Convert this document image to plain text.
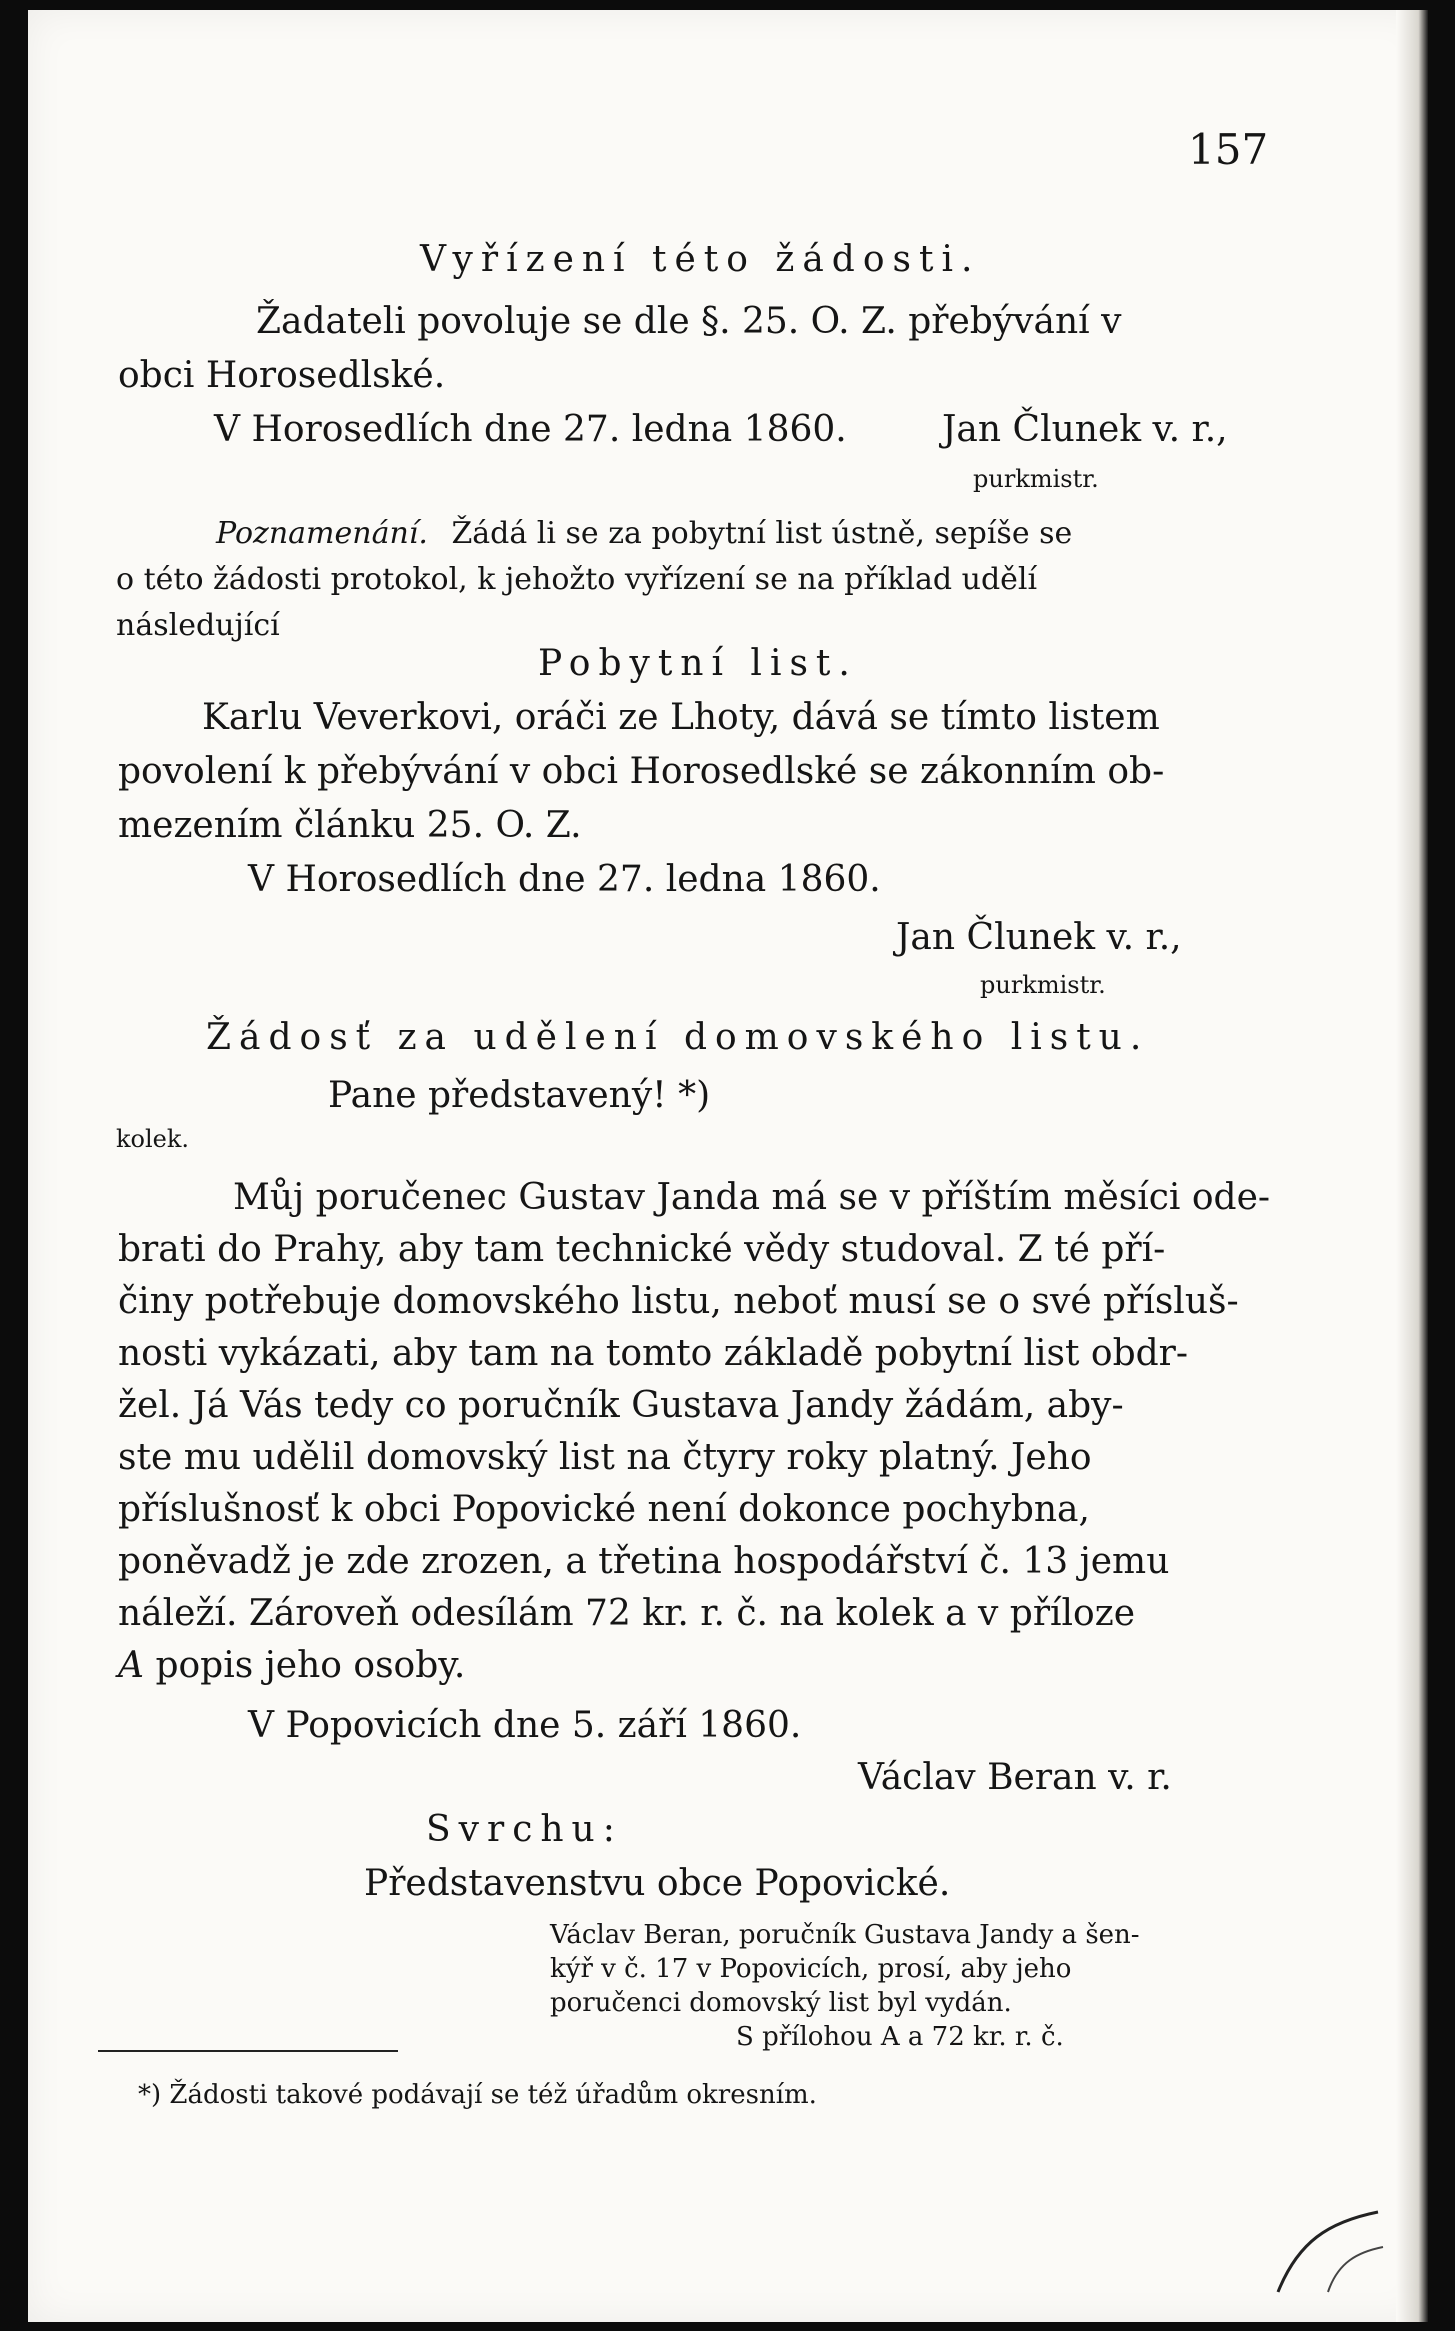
157
Vyřízení této žádosti.
Žadateli povoluje se dle §. 25. O. Z. přebývání v
obci Horosedlské.
V Horosedlích dne 27. ledna 1860.	Jan Člunek v. r.,
purkmistr.
Poznamenání. Žádá li se za pobytní list ústně, sepíše se
o této žádosti protokol, k jehožto vyřízení se na příklad udělí
následující
Pobytní list.
Karlu Veverkovi, oráči ze Lhoty, dává se tímto listem
povolení k přebývání v obci Horosedlské se zákonním ob-
mezením článku 25. O. Z.
V Horosedlích dne 27. ledna 1860.
Jan Člunek v. r.,
purkmistr.
Žádosť za udělení domovského listu.
Pane představený! *)
kolek.
Můj poručenec Gustav Janda má se v příštím měsíci ode-
brati do Prahy, aby tam technické vědy studoval. Z té pří-
činy potřebuje domovského listu, neboť musí se o své přísluš-
nosti vykázati, aby tam na tomto základě pobytní list obdr-
žel. Já Vás tedy co poručník Gustava Jandy žádám, aby-
ste mu udělil domovský list na čtyry roky platný. Jeho
příslušnosť k obci Popovické není dokonce pochybna,
poněvadž je zde zrozen, a třetina hospodářství č. 13 jemu
náleží. Zároveň odesílám 72 kr. r. č. na kolek a v příloze
A popis jeho osoby.
V Popovicích dne 5. září 1860.
Václav Beran v. r.
Svrchu:
Představenstvu obce Popovické.
Václav Beran, poručník Gustava Jandy a šen-
kýř v č. 17 v Popovicích, prosí, aby jeho
poručenci domovský list byl vydán.
S přílohou A a 72 kr. r. č.
*) Žádosti takové podávají se též úřadům okresním.
